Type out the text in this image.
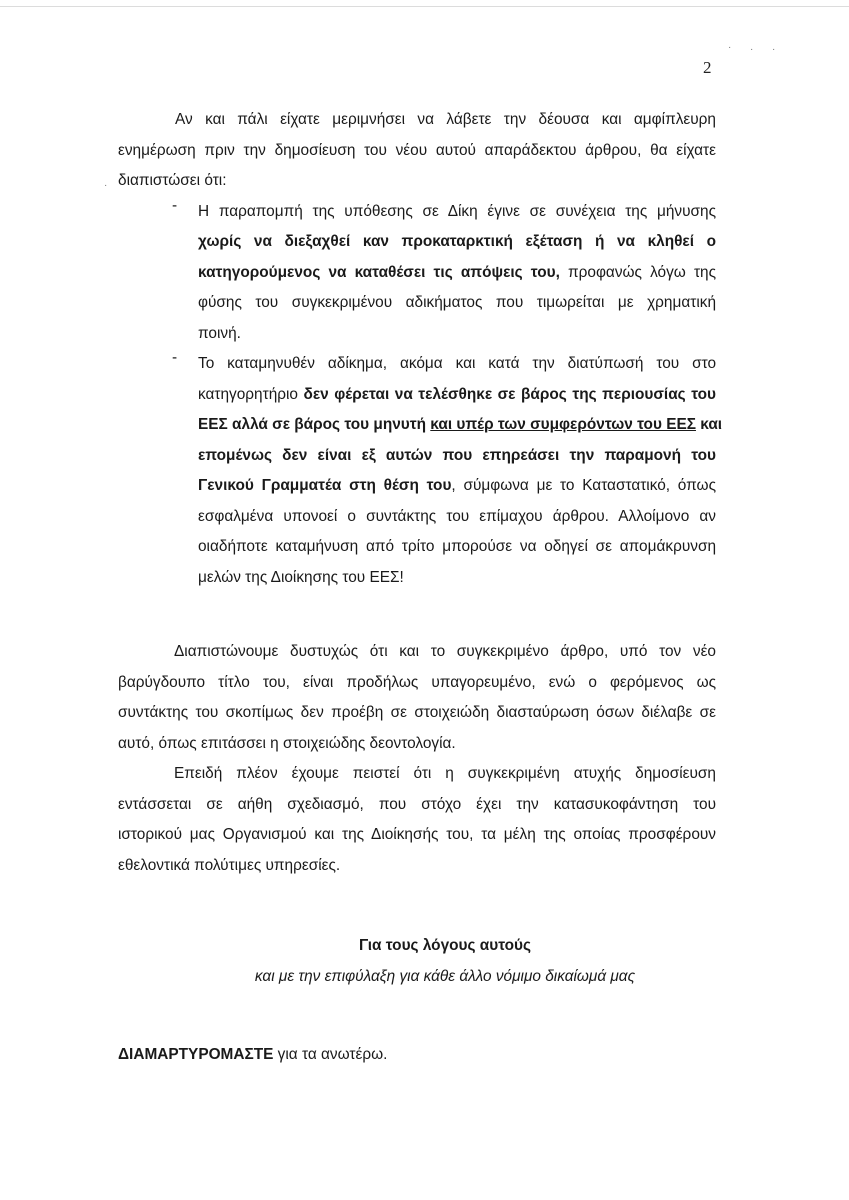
· · ·
·
2
Αν και πάλι είχατε μεριμνήσει να λάβετε την δέουσα και αμφίπλευρη
ενημέρωση πριν την δημοσίευση του νέου αυτού απαράδεκτου άρθρου, θα είχατε
διαπιστώσει ότι:
- Η παραπομπή της υπόθεσης σε Δίκη έγινε σε συνέχεια της μήνυσης
χωρίς να διεξαχθεί καν προκαταρκτική εξέταση ή να κληθεί ο
κατηγορούμενος να καταθέσει τις απόψεις του, προφανώς λόγω της
φύσης του συγκεκριμένου αδικήματος που τιμωρείται με χρηματική
ποινή.
- Το καταμηνυθέν αδίκημα, ακόμα και κατά την διατύπωσή του στο
κατηγορητήριο δεν φέρεται να τελέσθηκε σε βάρος της περιουσίας του
ΕΕΣ αλλά σε βάρος του μηνυτή και υπέρ των συμφερόντων του ΕΕΣ και
επομένως δεν είναι εξ αυτών που επηρεάσει την παραμονή του
Γενικού Γραμματέα στη θέση του, σύμφωνα με το Καταστατικό, όπως
εσφαλμένα υπονοεί ο συντάκτης του επίμαχου άρθρου. Αλλοίμονο αν
οιαδήποτε καταμήνυση από τρίτο μπορούσε να οδηγεί σε απομάκρυνση
μελών της Διοίκησης του ΕΕΣ!
Διαπιστώνουμε δυστυχώς ότι και το συγκεκριμένο άρθρο, υπό τον νέο
βαρύγδουπο τίτλο του, είναι προδήλως υπαγορευμένο, ενώ ο φερόμενος ως
συντάκτης του σκοπίμως δεν προέβη σε στοιχειώδη διασταύρωση όσων διέλαβε σε
αυτό, όπως επιτάσσει η στοιχειώδης δεοντολογία.
Επειδή πλέον έχουμε πειστεί ότι η συγκεκριμένη ατυχής δημοσίευση
εντάσσεται σε αήθη σχεδιασμό, που στόχο έχει την κατασυκοφάντηση του
ιστορικού μας Οργανισμού και της Διοίκησής του, τα μέλη της οποίας προσφέρουν
εθελοντικά πολύτιμες υπηρεσίες.
Για τους λόγους αυτούς
και με την επιφύλαξη για κάθε άλλο νόμιμο δικαίωμά μας
ΔΙΑΜΑΡΤΥΡΟΜΑΣΤΕ για τα ανωτέρω.
